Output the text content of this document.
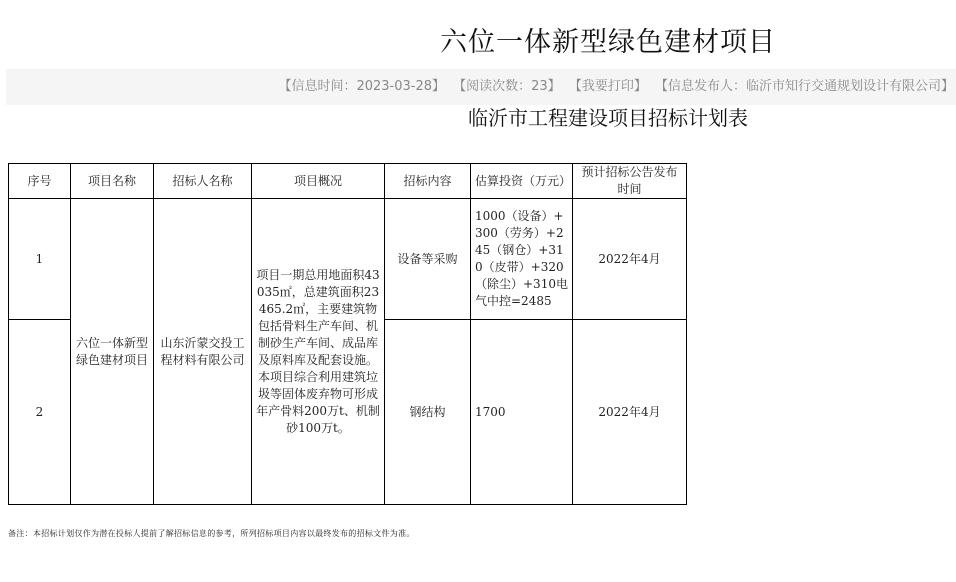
六位一体新型绿色建材项目
【信息时间：2023-03-28】 【阅读次数：23】 【我要打印】 【信息发布人：临沂市知行交通规划设计有限公司】
临沂市工程建设项目招标计划表
序号	项目名称	招标人名称	项目概况	招标内容	估算投资（万元）	预计招标公告发布时间
1	六位一体新型绿色建材项目	山东沂蒙交投工程材料有限公司	项目一期总用地面积43035㎡，总建筑面积23465.2㎡，主要建筑物包括骨料生产车间、机制砂生产车间、成品库及原料库及配套设施。本项目综合利用建筑垃圾等固体废弃物可形成年产骨料200万t、机制砂100万t。	设备等采购	1000（设备）+300（劳务）+245（钢仓）+310（皮带）+320（除尘）+310电气中控=2485	2022年4月
2				钢结构	1700	2022年4月
备注：本招标计划仅作为潜在投标人提前了解招标信息的参考，所列招标项目内容以最终发布的招标文件为准。
